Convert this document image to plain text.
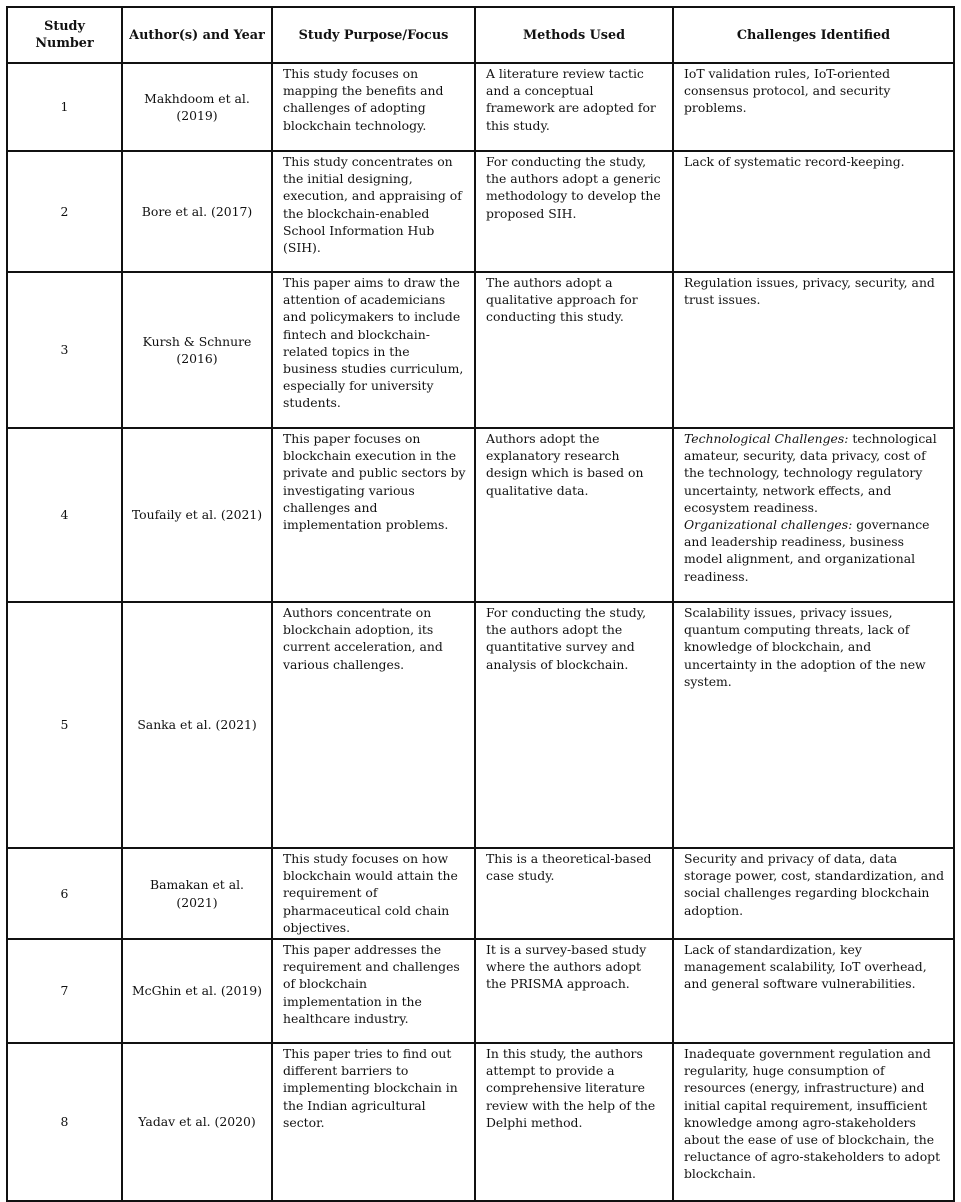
Study Number	Author(s) and Year	Study Purpose/Focus	Methods Used	Challenges Identified
1	Makhdoom et al. (2019)	This study focuses on mapping the benefits and challenges of adopting blockchain technology.	A literature review tactic and a conceptual framework are adopted for this study.	IoT validation rules, IoT-oriented consensus protocol, and security problems.

2	Bore et al. (2017)	This study concentrates on the initial designing, execution, and appraising of the blockchain-enabled School Information Hub (SIH).	For conducting the study, the authors adopt a generic methodology to develop the proposed SIH.	Lack of systematic record-keeping.

3	Kursh & Schnure (2016)	This paper aims to draw the attention of academicians and policymakers to include fintech and blockchain-related topics in the business studies curriculum, especially for university students.	The authors adopt a qualitative approach for conducting this study.	Regulation issues, privacy, security, and trust issues.

4	Toufaily et al. (2021)	This paper focuses on blockchain execution in the private and public sectors by investigating various challenges and implementation problems.	Authors adopt the explanatory research design which is based on qualitative data.	Technological Challenges: technological amateur, security, data privacy, cost of the technology, technology regulatory uncertainty, network effects, and ecosystem readiness.
Organizational challenges: governance and leadership readiness, business model alignment, and organizational readiness.

5	Sanka et al. (2021)	Authors concentrate on blockchain adoption, its current acceleration, and various challenges.	For conducting the study, the authors adopt the quantitative survey and analysis of blockchain.	Scalability issues, privacy issues, quantum computing threats, lack of knowledge of blockchain, and uncertainty in the adoption of the new system.

6	Bamakan et al. (2021)	This study focuses on how blockchain would attain the requirement of pharmaceutical cold chain objectives.	This is a theoretical-based case study.	Security and privacy of data, data storage power, cost, standardization, and social challenges regarding blockchain adoption.

7	McGhin et al. (2019)	This paper addresses the requirement and challenges of blockchain implementation in the healthcare industry.	It is a survey-based study where the authors adopt the PRISMA approach.	Lack of standardization, key management scalability, IoT overhead, and general software vulnerabilities.

8	Yadav et al. (2020)	This paper tries to find out different barriers to implementing blockchain in the Indian agricultural sector.	In this study, the authors attempt to provide a comprehensive literature review with the help of the Delphi method.	Inadequate government regulation and regularity, huge consumption of resources (energy, infrastructure) and initial capital requirement, insufficient knowledge among agro-stakeholders about the ease of use of blockchain, the reluctance of agro-stakeholders to adopt blockchain.
